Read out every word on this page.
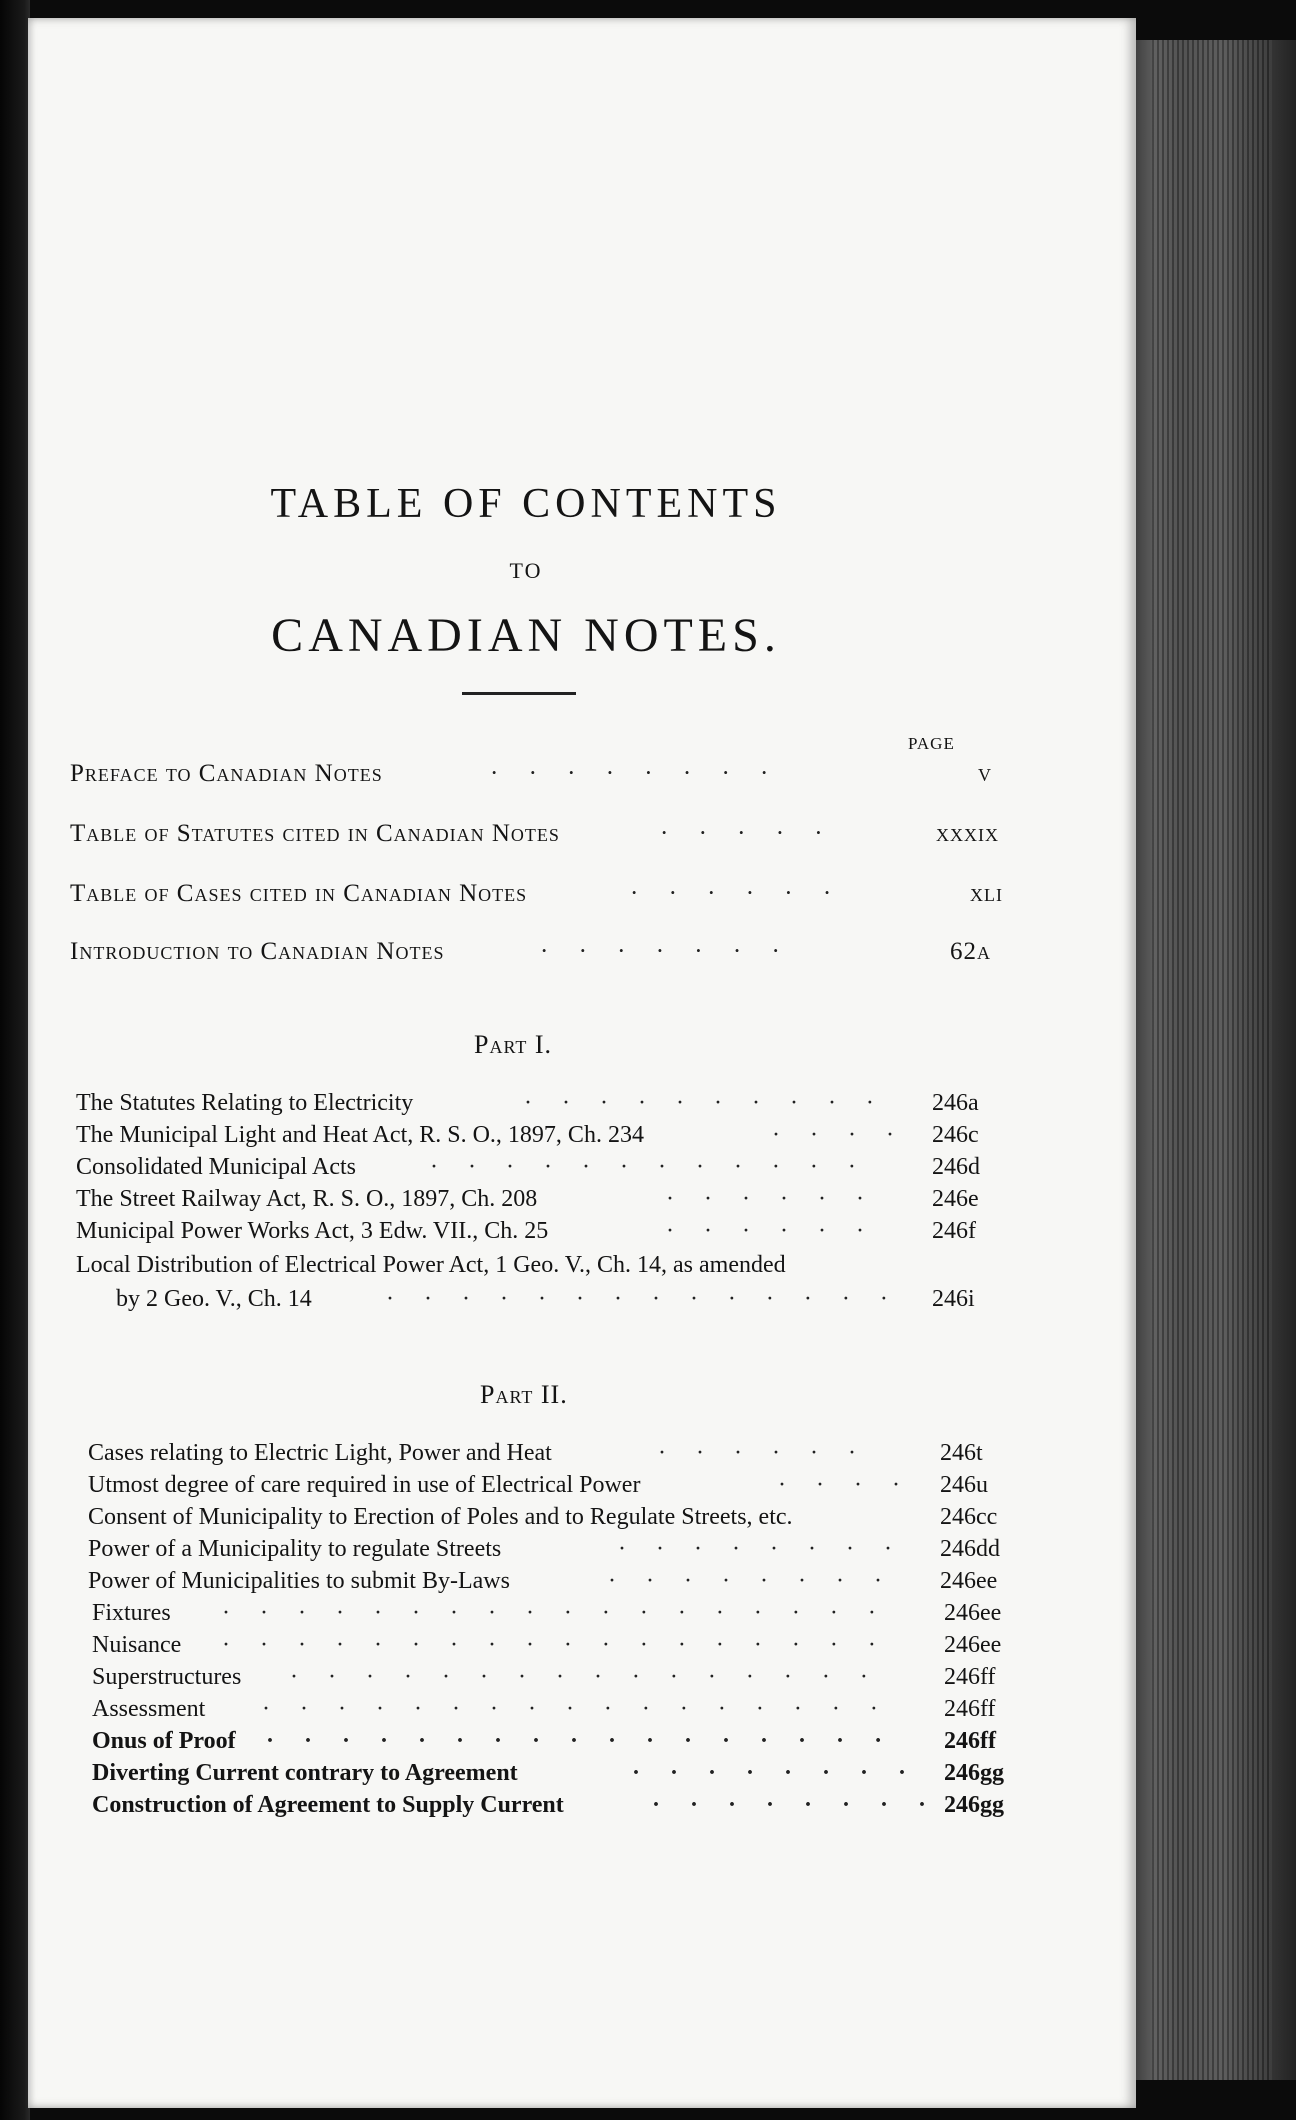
TABLE OF CONTENTS
TO
CANADIAN NOTES.
PAGE
Preface to Canadian Notes	· · · · · · · ·	v
Table of Statutes cited in Canadian Notes	· · · · ·	xxxix
Table of Cases cited in Canadian Notes	· · · · · ·	xli
Introduction to Canadian Notes	· · · · · · ·	62a
Part I.
The Statutes Relating to Electricity	· · · · · · · · · ·	246a
The Municipal Light and Heat Act, R. S. O., 1897, Ch. 234	· · · ·	246c
Consolidated Municipal Acts	· · · · · · · · · · · ·	246d
The Street Railway Act, R. S. O., 1897, Ch. 208	· · · · · ·	246e
Municipal Power Works Act, 3 Edw. VII., Ch. 25	· · · · · ·	246f
Local Distribution of Electrical Power Act, 1 Geo. V., Ch. 14, as amended
by 2 Geo. V., Ch. 14	· · · · · · · · · · · · · ·	246i
Part II.
Cases relating to Electric Light, Power and Heat	· · · · · ·	246t
Utmost degree of care required in use of Electrical Power	· · · ·	246u
Consent of Municipality to Erection of Poles and to Regulate Streets, etc.	246cc
Power of a Municipality to regulate Streets	· · · · · · · ·	246dd
Power of Municipalities to submit By-Laws	· · · · · · · ·	246ee
Fixtures · · · · · · · · · · · · · · · · · ·	246ee
Nuisance · · · · · · · · · · · · · · · · · ·	246ee
Superstructures · · · · · · · · · · · · · · · ·	246ff
Assessment · · · · · · · · · · · · · · · · ·	246ff
Onus of Proof · · · · · · · · · · · · · · · · ·	246ff
Diverting Current contrary to Agreement	· · · · · · · ·	246gg
Construction of Agreement to Supply Current	· · · · · · · · 246gg
